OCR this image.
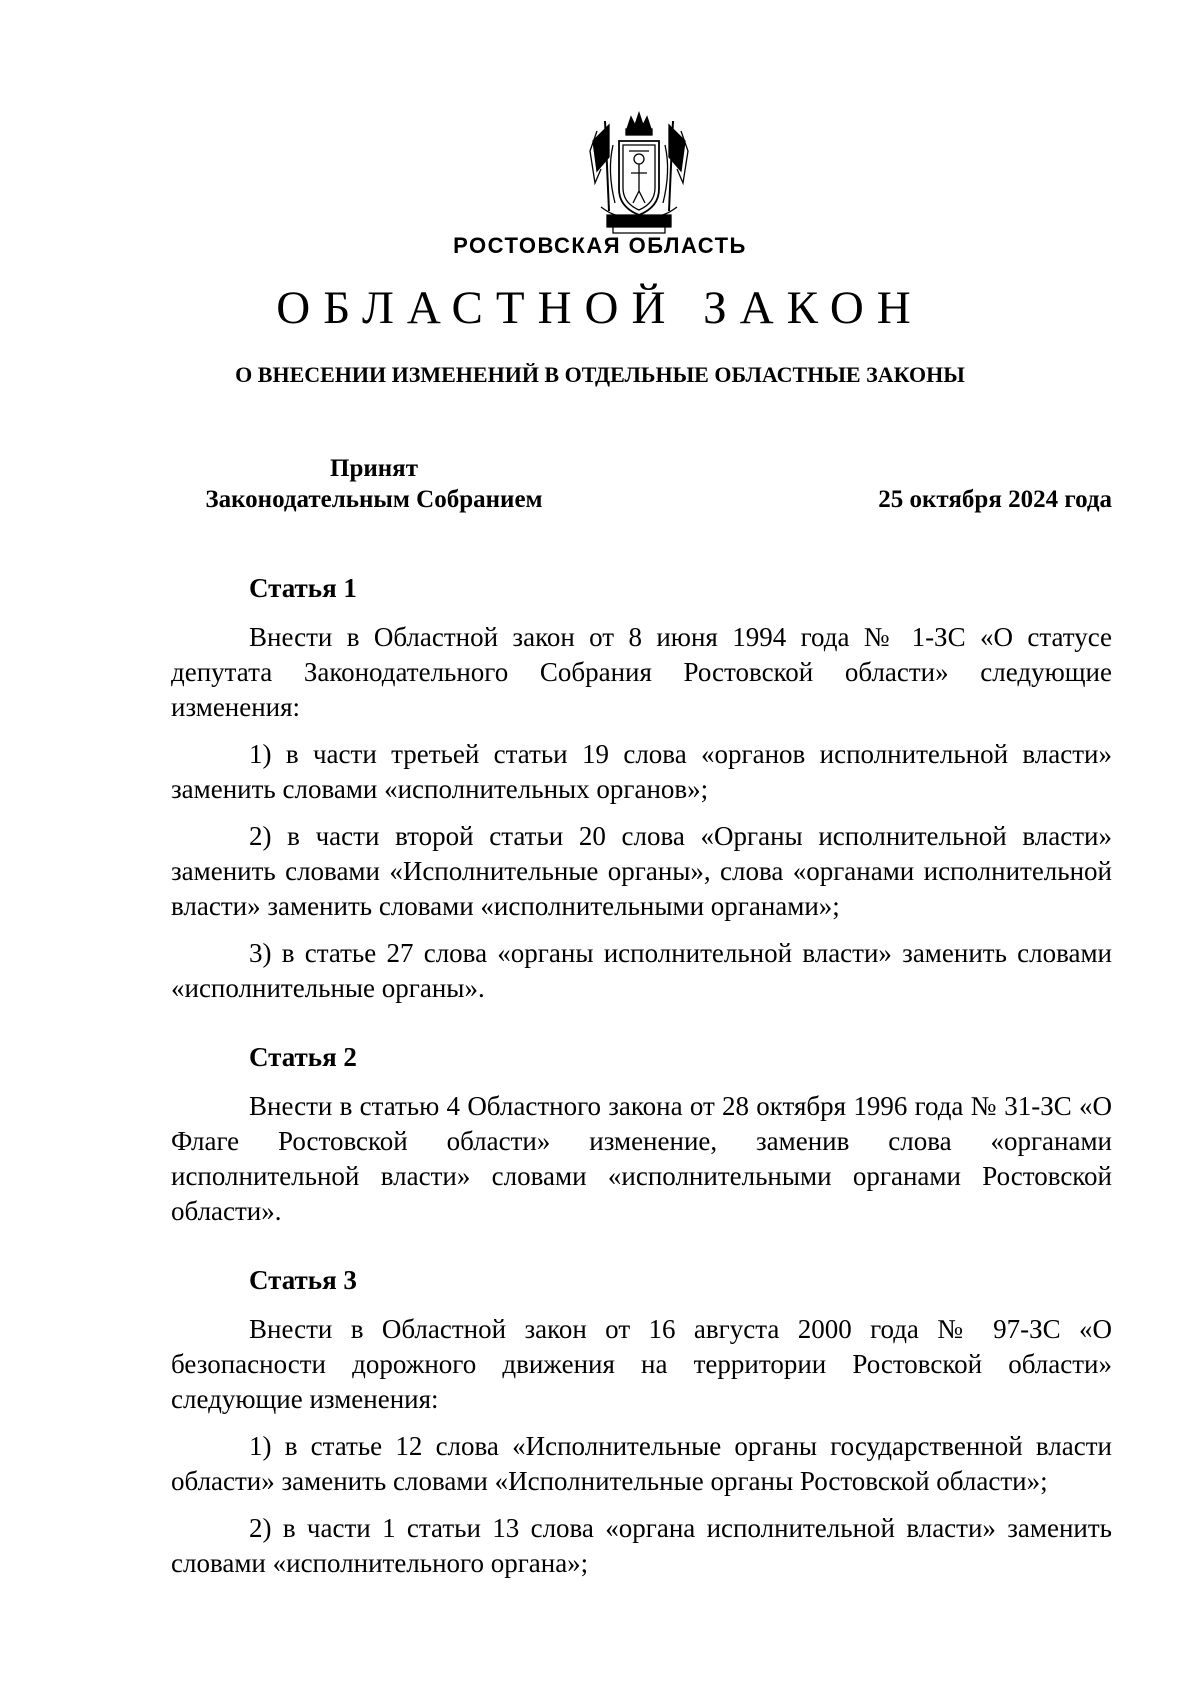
РОСТОВСКАЯ ОБЛАСТЬ
ОБЛАСТНОЙ ЗАКОН
О ВНЕСЕНИИ ИЗМЕНЕНИЙ В ОТДЕЛЬНЫЕ ОБЛАСТНЫЕ ЗАКОНЫ
Принят
Законодательным Собранием	25 октября 2024 года
Статья 1

Внести в Областной закон от 8 июня 1994 года № 1-ЗС «О статусе депутата Законодательного Собрания Ростовской области» следующие изменения:

1) в части третьей статьи 19 слова «органов исполнительной власти» заменить словами «исполнительных органов»;

2) в части второй статьи 20 слова «Органы исполнительной власти» заменить словами «Исполнительные органы», слова «органами исполнительной власти» заменить словами «исполнительными органами»;

3) в статье 27 слова «органы исполнительной власти» заменить словами «исполнительные органы».

Статья 2

Внести в статью 4 Областного закона от 28 октября 1996 года № 31-ЗС «О Флаге Ростовской области» изменение, заменив слова «органами исполнительной власти» словами «исполнительными органами Ростовской области».

Статья 3

Внести в Областной закон от 16 августа 2000 года № 97-ЗС «О безопасности дорожного движения на территории Ростовской области» следующие изменения:

1) в статье 12 слова «Исполнительные органы государственной власти области» заменить словами «Исполнительные органы Ростовской области»;

2) в части 1 статьи 13 слова «органа исполнительной власти» заменить словами «исполнительного органа»;
